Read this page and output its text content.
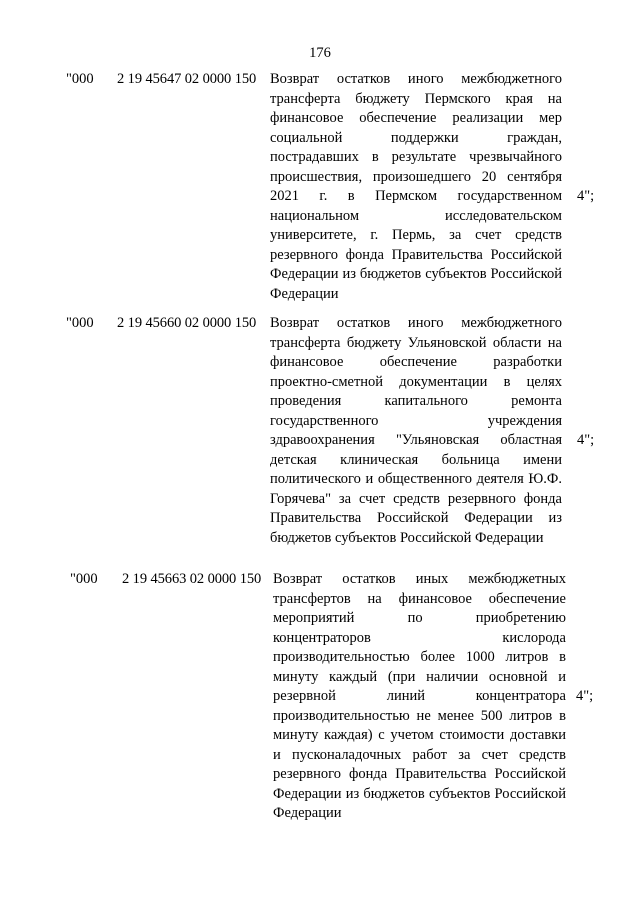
176
"000 2 19 45647 02 0000 150 Возврат остатков иного межбюджетного трансферта бюджету Пермского края на финансовое обеспечение реализации мер социальной поддержки граждан, пострадавших в результате чрезвычайного происшествия, произошедшего 20 сентября 2021 г. в Пермском государственном национальном исследовательском университете, г. Пермь, за счет средств резервного фонда Правительства Российской Федерации из бюджетов субъектов Российской Федерации
4";
"000 2 19 45660 02 0000 150 Возврат остатков иного межбюджетного трансферта бюджету Ульяновской области на финансовое обеспечение разработки проектно-сметной документации в целях проведения капитального ремонта государственного учреждения здравоохранения "Ульяновская областная детская клиническая больница имени политического и общественного деятеля Ю.Ф. Горячева" за счет средств резервного фонда Правительства Российской Федерации из бюджетов субъектов Российской Федерации
4";
"000 2 19 45663 02 0000 150 Возврат остатков иных межбюджетных трансфертов на финансовое обеспечение мероприятий по приобретению концентраторов кислорода производительностью более 1000 литров в минуту каждый (при наличии основной и резервной линий концентратора производительностью не менее 500 литров в минуту каждая) с учетом стоимости доставки и пусконаладочных работ за счет средств резервного фонда Правительства Российской Федерации из бюджетов субъектов Российской Федерации
4";
